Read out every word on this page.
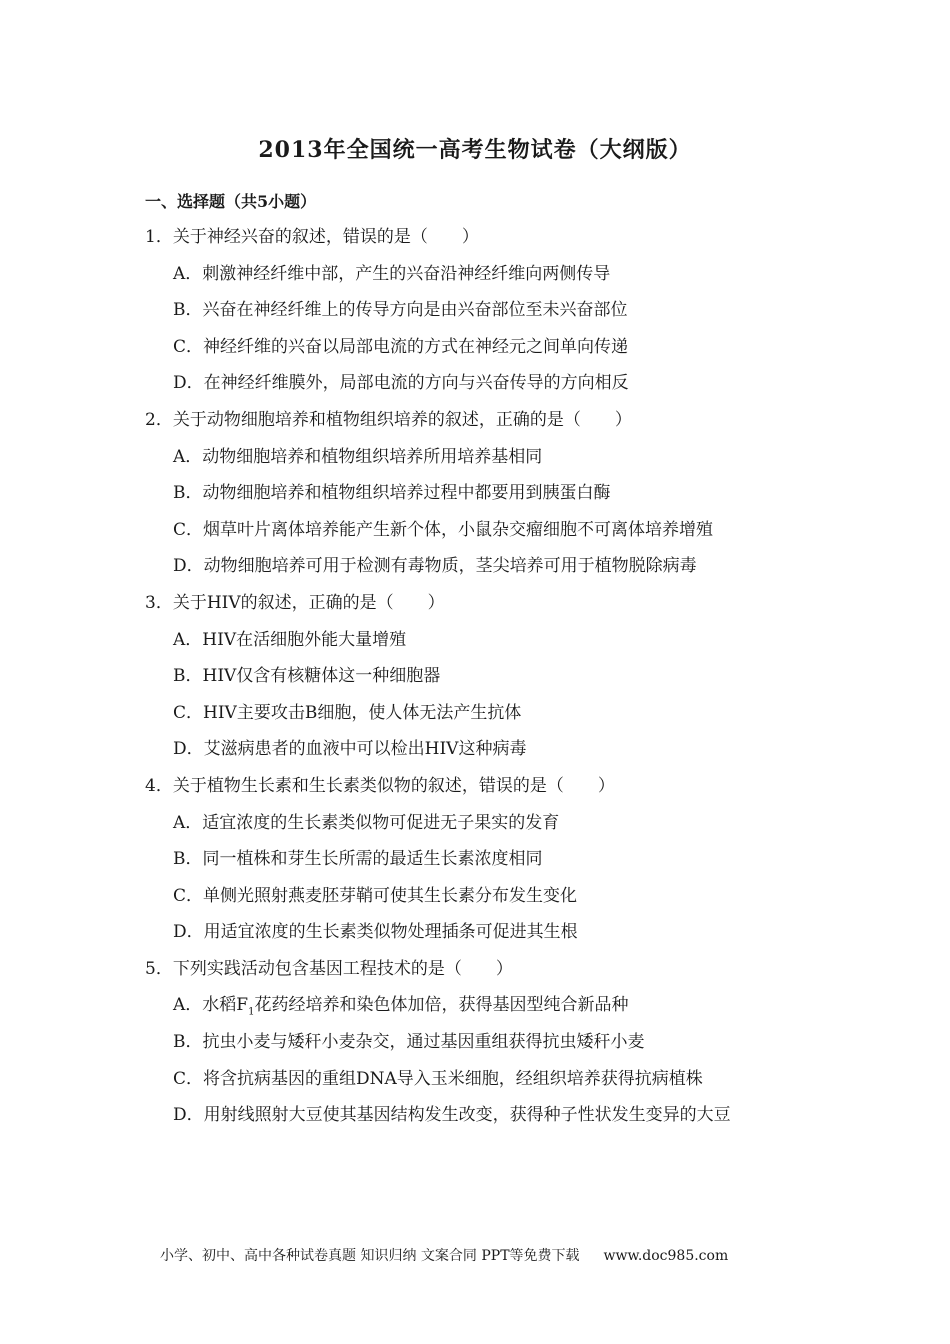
2013年全国统一高考生物试卷（大纲版）
一、选择题（共5小题）
1．关于神经兴奋的叙述，错误的是（　　）
A．刺激神经纤维中部，产生的兴奋沿神经纤维向两侧传导
B．兴奋在神经纤维上的传导方向是由兴奋部位至未兴奋部位
C．神经纤维的兴奋以局部电流的方式在神经元之间单向传递
D．在神经纤维膜外，局部电流的方向与兴奋传导的方向相反
2．关于动物细胞培养和植物组织培养的叙述，正确的是（　　）
A．动物细胞培养和植物组织培养所用培养基相同
B．动物细胞培养和植物组织培养过程中都要用到胰蛋白酶
C．烟草叶片离体培养能产生新个体，小鼠杂交瘤细胞不可离体培养增殖
D．动物细胞培养可用于检测有毒物质，茎尖培养可用于植物脱除病毒
3．关于HIV的叙述，正确的是（　　）
A．HIV在活细胞外能大量增殖
B．HIV仅含有核糖体这一种细胞器
C．HIV主要攻击B细胞，使人体无法产生抗体
D．艾滋病患者的血液中可以检出HIV这种病毒
4．关于植物生长素和生长素类似物的叙述，错误的是（　　）
A．适宜浓度的生长素类似物可促进无子果实的发育
B．同一植株和芽生长所需的最适生长素浓度相同
C．单侧光照射燕麦胚芽鞘可使其生长素分布发生变化
D．用适宜浓度的生长素类似物处理插条可促进其生根
5．下列实践活动包含基因工程技术的是（　　）
A．水稻$F_1$花药经培养和染色体加倍，获得基因型纯合新品种
B．抗虫小麦与矮秆小麦杂交，通过基因重组获得抗虫矮秆小麦
C．将含抗病基因的重组DNA导入玉米细胞，经组织培养获得抗病植株
D．用射线照射大豆使其基因结构发生改变，获得种子性状发生变异的大豆
小学、初中、高中各种试卷真题 知识归纳 文案合同 PPT等免费下载 www.doc985.com
